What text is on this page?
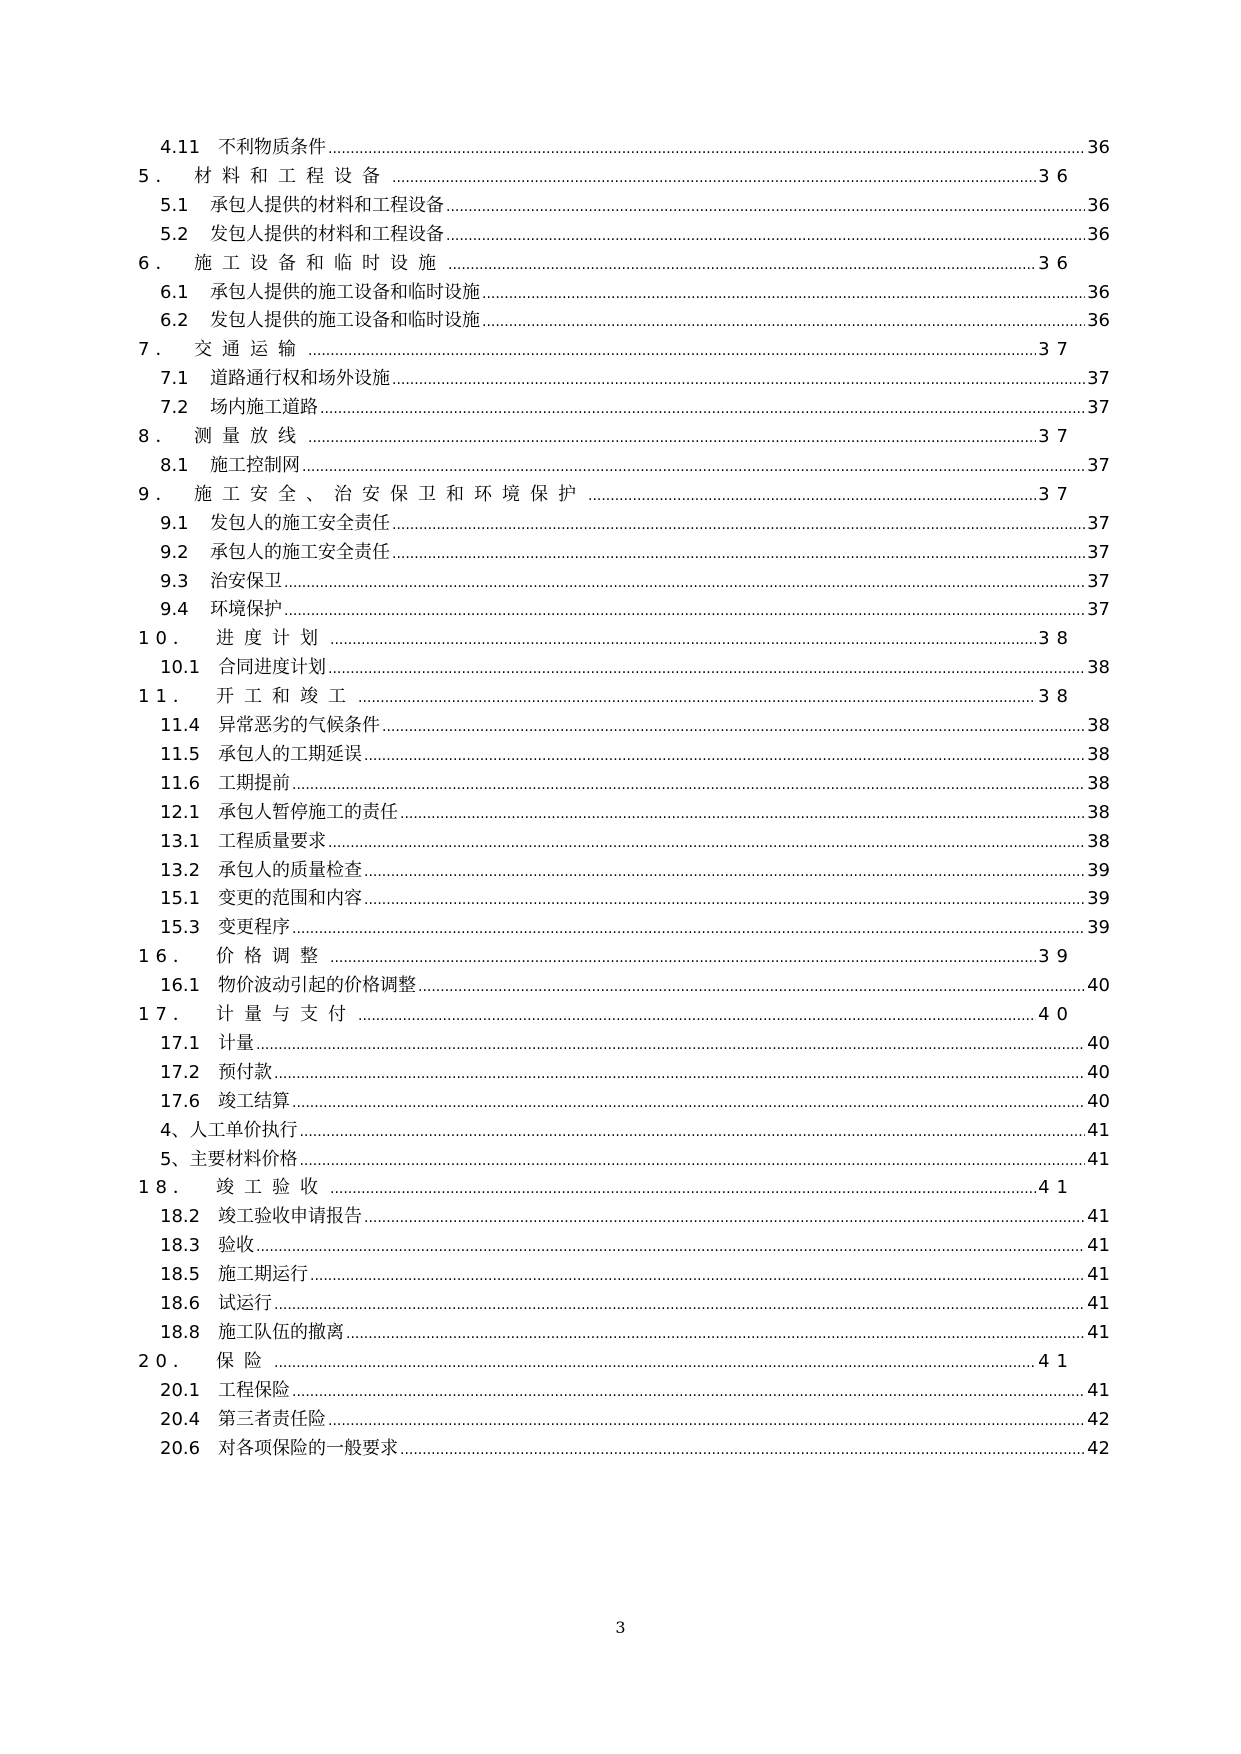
4.11 不利物质条件 .....	36
5． 材料和工程设备 .....	36
5.1	承包人提供的材料和工程设备 .....	36
5.2	发包人提供的材料和工程设备 .....	36
6． 施工设备和临时设施 .....	36
6.1	承包人提供的施工设备和临时设施 .....	36
6.2	发包人提供的施工设备和临时设施 .....	36
7． 交通运输 .....	37
7.1	道路通行权和场外设施 .....	37
7.2	场内施工道路 .....	37
8． 测量放线 .....	37
8.1	施工控制网 .....	37
9． 施工安全、治安保卫和环境保护 .....	37
9.1	发包人的施工安全责任 .....	37
9.2	承包人的施工安全责任 .....	37
9.3	治安保卫 .....	37
9.4	环境保护 .....	37
10．	进度计划 .....	38
10.1 合同进度计划 .....	38
11．	开工和竣工 .....	38
11.4 异常恶劣的气候条件 .....	38
11.5 承包人的工期延误 .....	38
11.6 工期提前 .....	38
12.1 承包人暂停施工的责任 .....	38
13.1 工程质量要求 .....	38
13.2 承包人的质量检查 .....	39
15.1 变更的范围和内容 .....	39
15.3 变更程序 .....	39
16．	价格调整 .....	39
16.1 物价波动引起的价格调整 .....	40
17．	计量与支付 .....	40
17.1 计量 .....	40
17.2 预付款 .....	40
17.6 竣工结算 .....	40
4、人工单价执行 .....	41
5、主要材料价格 .....	41
18．	竣工验收 .....	41
18.2 竣工验收申请报告 .....	41
18.3 验收 .....	41
18.5 施工期运行 .....	41
18.6 试运行 .....	41
18.8 施工队伍的撤离 .....	41
20．	保险 .....	41
20.1 工程保险 .....	41
20.4 第三者责任险 .....	42
20.6 对各项保险的一般要求 .....	42
3
